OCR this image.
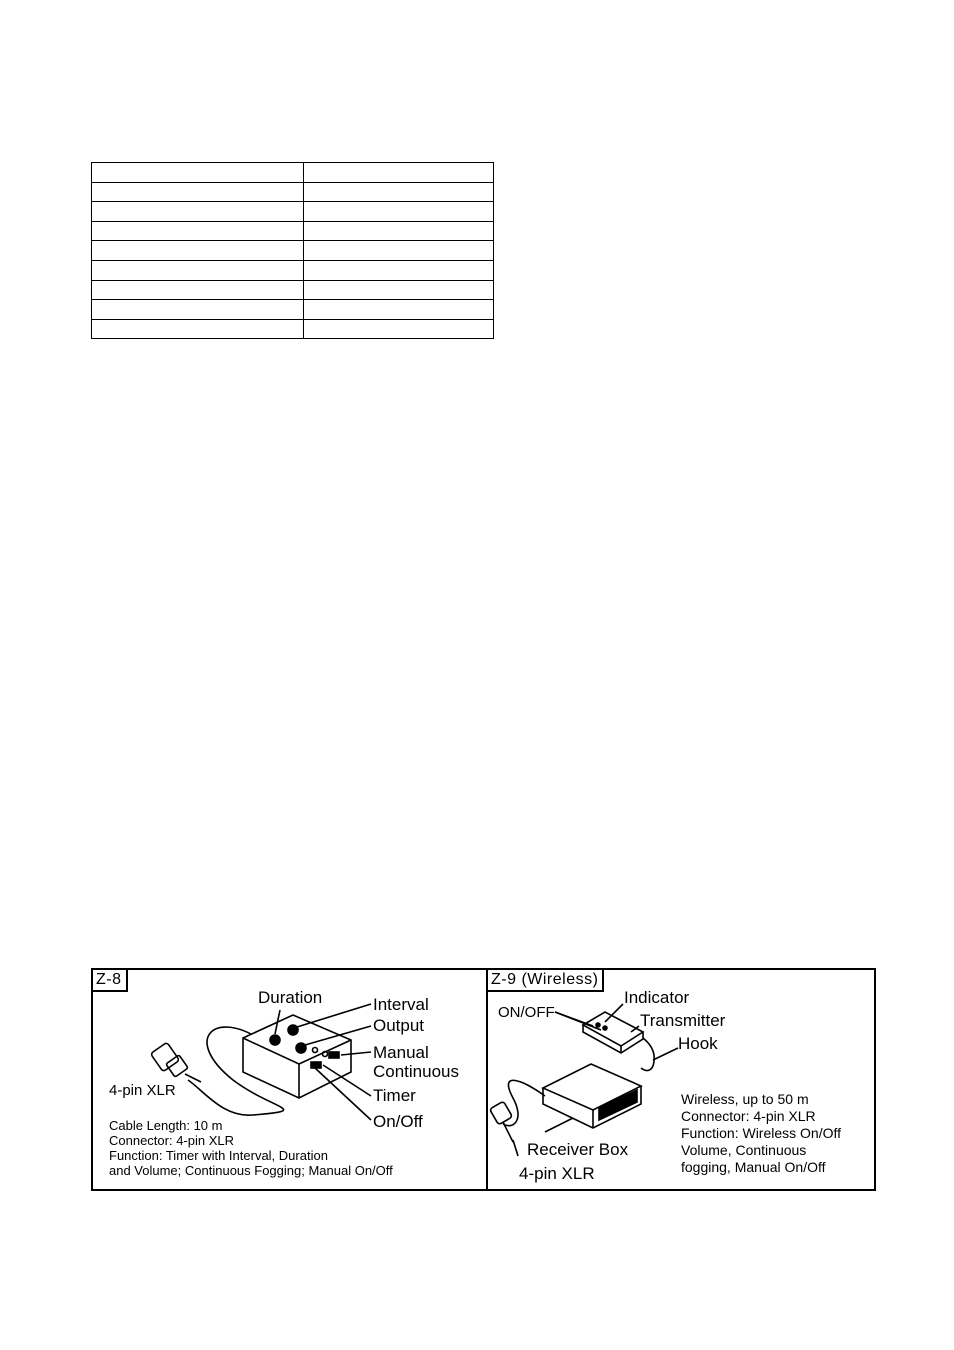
Z-8
Duration	Interval
Output
Manual
Continuous
Timer
On/Off
4-pin XLR
Cable Length: 10 m
Connector: 4-pin XLR
Function: Timer with Interval, Duration
and Volume; Continuous Fogging; Manual On/Off
Z-9 (Wireless)
ON/OFF
Indicator
Transmitter
Hook
Receiver Box
4-pin XLR
Wireless, up to 50 m
Connector: 4-pin XLR
Function: Wireless On/Off
Volume, Continuous
fogging, Manual On/Off
